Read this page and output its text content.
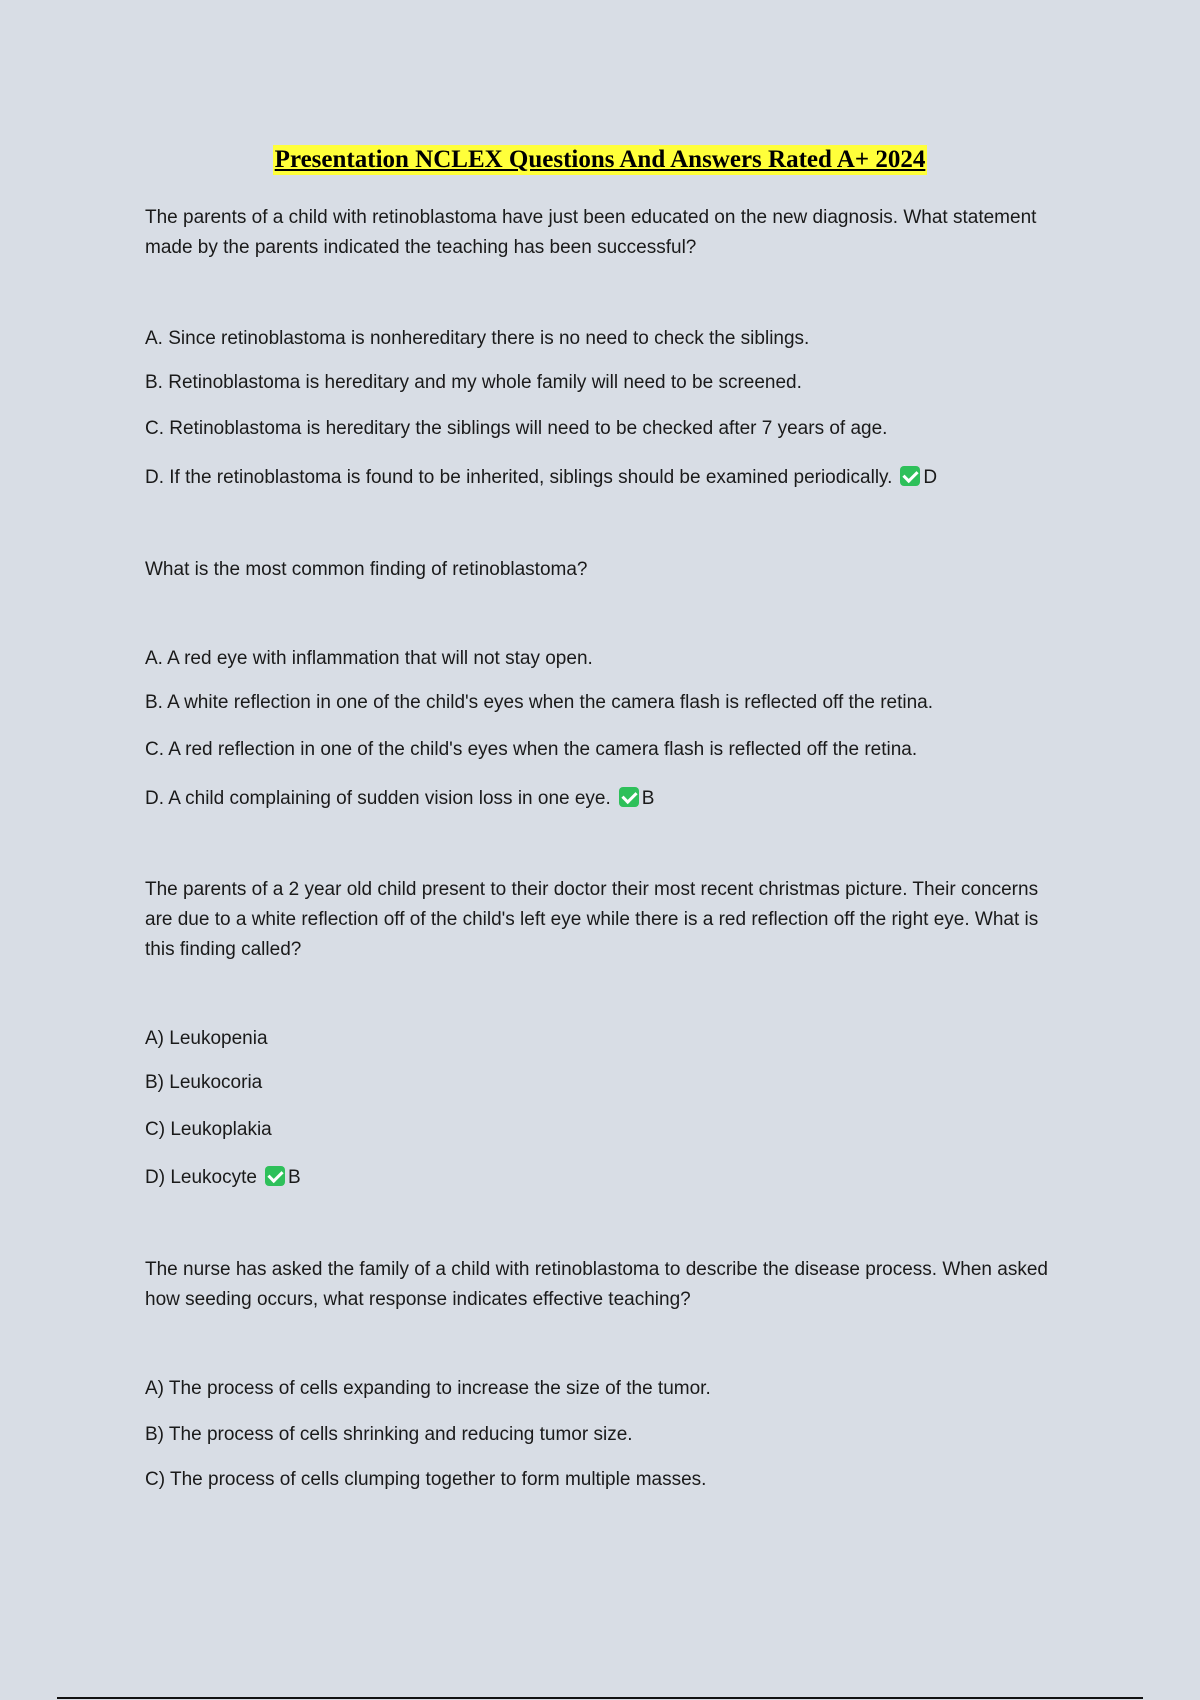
Presentation NCLEX Questions And Answers Rated A+ 2024

The parents of a child with retinoblastoma have just been educated on the new diagnosis. What statement made by the parents indicated the teaching has been successful?

A. Since retinoblastoma is nonhereditary there is no need to check the siblings.

B. Retinoblastoma is hereditary and my whole family will need to be screened.

C. Retinoblastoma is hereditary the siblings will need to be checked after 7 years of age.

D. If the retinoblastoma is found to be inherited, siblings should be examined periodically. D

What is the most common finding of retinoblastoma?

A. A red eye with inflammation that will not stay open.

B. A white reflection in one of the child's eyes when the camera flash is reflected off the retina.

C. A red reflection in one of the child's eyes when the camera flash is reflected off the retina.

D. A child complaining of sudden vision loss in one eye. B

The parents of a 2 year old child present to their doctor their most recent christmas picture. Their concerns are due to a white reflection off of the child's left eye while there is a red reflection off the right eye. What is this finding called?

A) Leukopenia

B) Leukocoria

C) Leukoplakia

D) Leukocyte B

The nurse has asked the family of a child with retinoblastoma to describe the disease process. When asked how seeding occurs, what response indicates effective teaching?

A) The process of cells expanding to increase the size of the tumor.

B) The process of cells shrinking and reducing tumor size.

C) The process of cells clumping together to form multiple masses.
